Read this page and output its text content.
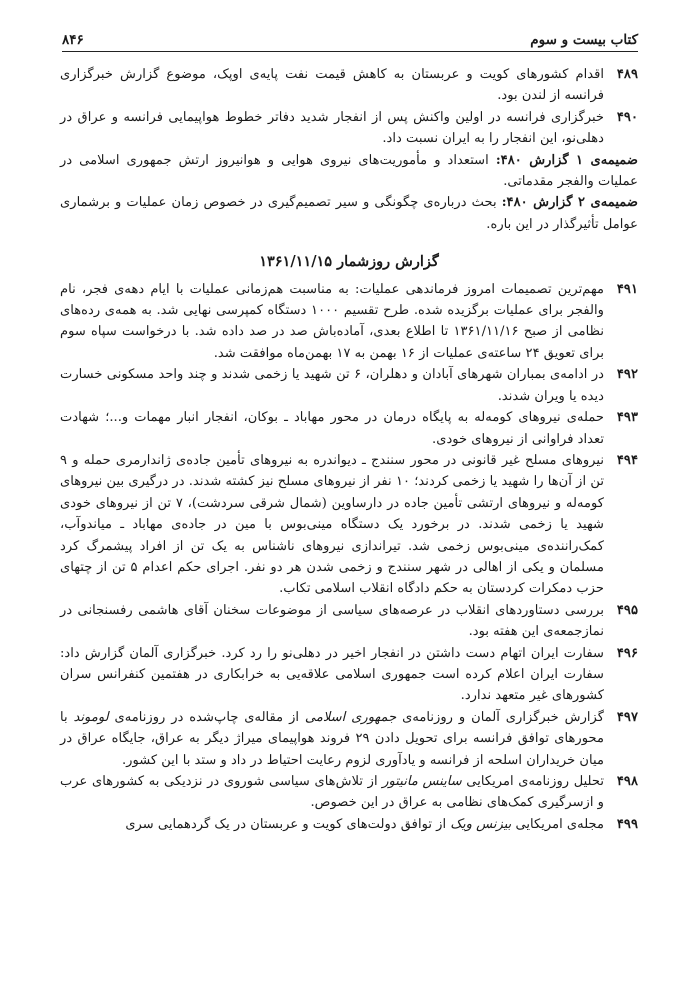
کتاب بیست و سوم
۸۴۶

۴۸۹
اقدام کشورهای کویت و عربستان به کاهش قیمت نفت پایه‌ی اوپک، موضوع گزارش خبرگزاری فرانسه از لندن بود.

۴۹۰
خبرگزاری فرانسه در اولین واکنش پس از انفجار شدید دفاتر خطوط هواپیمایی فرانسه و عراق در دهلی‌نو، این انفجار را به ایران نسبت داد.

ضمیمه‌ی ۱ گزارش ۴۸۰: استعداد و مأموریت‌های نیروی هوایی و هوانیروز ارتش جمهوری اسلامی در عملیات والفجر مقدماتی.

ضمیمه‌ی ۲ گزارش ۴۸۰: بحث درباره‌ی چگونگی و سیر تصمیم‌گیری در خصوص زمان عملیات و برشماری عوامل تأثیرگذار در این باره.

گزارش روزشمار ۱۳۶۱/۱۱/۱۵

۴۹۱
مهم‌ترین تصمیمات امروز فرماندهی عملیات: به مناسبت هم‌زمانی عملیات با ایام دهه‌ی فجر، نام والفجر برای عملیات برگزیده شده. طرح تقسیم ۱۰۰۰ دستگاه کمپرسی نهایی شد. به همه‌ی رده‌های نظامی از صبح ۱۳۶۱/۱۱/۱۶ تا اطلاع بعدی، آماده‌باش صد در صد داده شد. با درخواست سپاه سوم برای تعویق ۲۴ ساعته‌ی عملیات از ۱۶ بهمن به ۱۷ بهمن‌ماه موافقت شد.

۴۹۲
در ادامه‌ی بمباران شهرهای آبادان و دهلران، ۶ تن شهید یا زخمی شدند و چند واحد مسکونی خسارت دیده یا ویران شدند.

۴۹۳
حمله‌ی نیروهای کومه‌له به پایگاه درمان در محور مهاباد ـ بوکان، انفجار انبار مهمات و...؛ شهادت تعداد فراوانی از نیروهای خودی.

۴۹۴
نیروهای مسلح غیر قانونی در محور سنندج ـ دیواندره به نیروهای تأمین جاده‌ی ژاندارمری حمله و ۹ تن از آن‌ها را شهید یا زخمی کردند؛ ۱۰ نفر از نیروهای مسلح نیز کشته شدند. در درگیری بین نیروهای کومه‌له و نیروهای ارتشی تأمین جاده در دارساوین (شمال شرقی سردشت)، ۷ تن از نیروهای خودی شهید یا زخمی شدند. در برخورد یک دستگاه مینی‌بوس با مین در جاده‌ی مهاباد ـ میاندوآب، کمک‌راننده‌ی مینی‌بوس زخمی شد. تیراندازی نیروهای ناشناس به یک تن از افراد پیشمرگ کرد مسلمان و یکی از اهالی در شهر سنندج و زخمی شدن هر دو نفر. اجرای حکم اعدام ۵ تن از چتهای حزب دمکرات کردستان به حکم دادگاه انقلاب اسلامی تکاب.

۴۹۵
بررسی دستاوردهای انقلاب در عرصه‌های سیاسی از موضوعات سخنان آقای هاشمی رفسنجانی در نمازجمعه‌ی این هفته بود.

۴۹۶
سفارت ایران اتهام دست داشتن در انفجار اخیر در دهلی‌نو را رد کرد. خبرگزاری آلمان گزارش داد: سفارت ایران اعلام کرده است جمهوری اسلامی علاقه‌یی به خرابکاری در هفتمین کنفرانس سران کشورهای غیر متعهد ندارد.

۴۹۷
گزارش خبرگزاری آلمان و روزنامه‌ی جمهوری اسلامی از مقاله‌ی چاپ‌شده در روزنامه‌ی لوموند با محورهای توافق فرانسه برای تحویل دادن ۲۹ فروند هواپیمای میراژ دیگر به عراق، جایگاه عراق در میان خریداران اسلحه از فرانسه و یادآوری لزوم رعایت احتیاط در داد و ستد با این کشور.

۴۹۸
تحلیل روزنامه‌ی امریکایی ساینس مانیتور از تلاش‌های سیاسی شوروی در نزدیکی به کشورهای عرب و ازسرگیری کمک‌های نظامی به عراق در این خصوص.

۴۹۹
مجله‌ی امریکایی بیزنس ویک از توافق دولت‌های کویت و عربستان در یک گردهمایی سری
